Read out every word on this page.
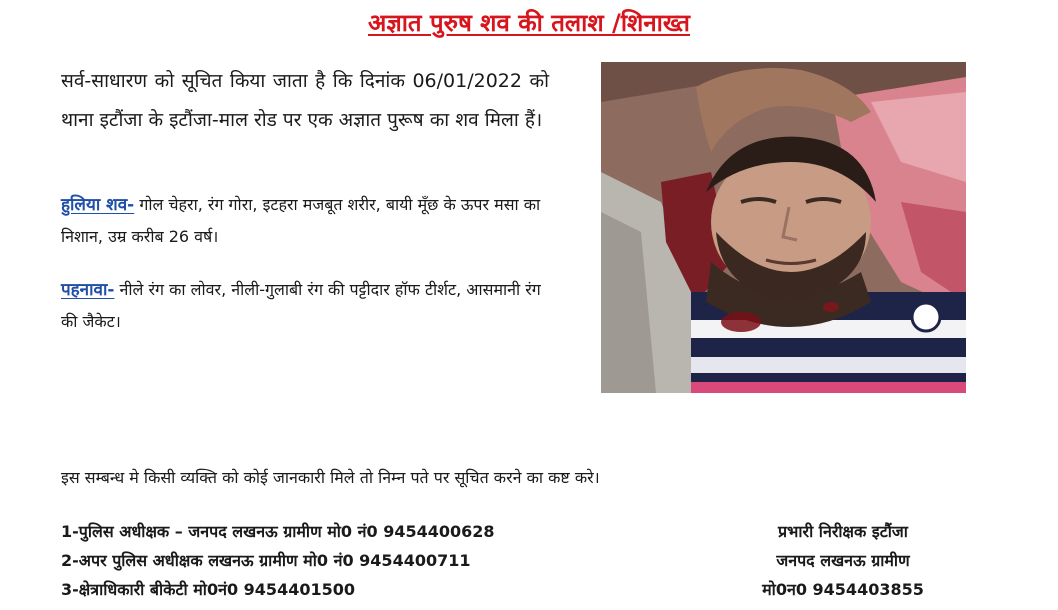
अज्ञात पुरुष शव की तलाश /शिनाख्त

सर्व-साधारण को सूचित किया जाता है कि दिनांक 06/01/2022 को थाना इटौंजा के इटौंजा-माल रोड पर एक अज्ञात पुरूष का शव मिला हैं।

हुलिया शव- गोल चेहरा, रंग गोरा, इटहरा मजबूत शरीर, बायी मूँछ के ऊपर मसा का निशान, उम्र करीब 26 वर्ष।

पहनावा- नीले रंग का लोवर, नीली-गुलाबी रंग की पट्टीदार हॉफ टीर्शट, आसमानी रंग की जैकेट।

इस सम्बन्ध मे किसी व्यक्ति को कोई जानकारी मिले तो निम्न पते पर सूचित करने का कष्ट करे।

1-पुलिस अधीक्षक – जनपद लखनऊ ग्रामीण मो0 नं0 9454400628
2-अपर पुलिस अधीक्षक लखनऊ ग्रामीण मो0 नं0 9454400711
3-क्षेत्राधिकारी बीकेटी मो0नं0 9454401500
प्रभारी निरीक्षक इटौंजा
जनपद लखनऊ ग्रामीण
मो0न0 9454403855
